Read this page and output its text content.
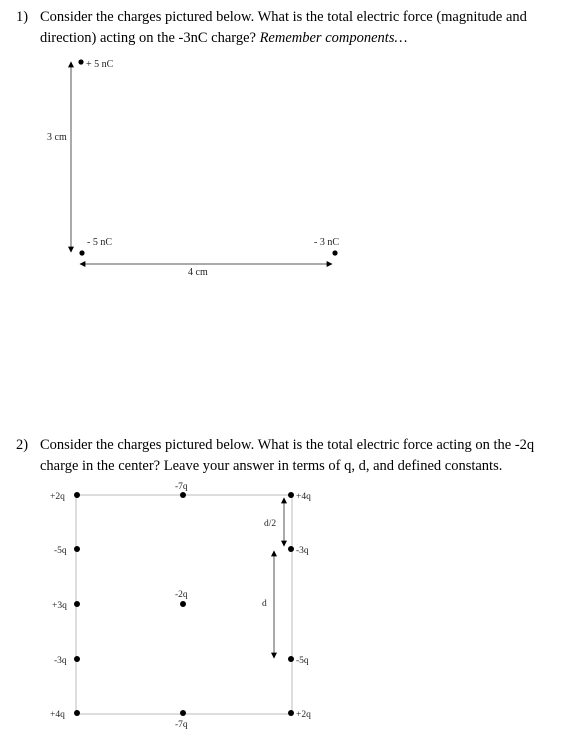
1) Consider the charges pictured below. What is the total electric force (magnitude and direction) acting on the -3nC charge? Remember components…
2) Consider the charges pictured below. What is the total electric force acting on the -2q charge in the center? Leave your answer in terms of q, d, and defined constants.
+ 5 nC
- 5 nC	- 3 nC
3 cm
4 cm
+2q
-7q
+4q
-5q	-3q
-2q
+3q
-3q	-5q
+4q
-7q
+2q
d/2
d
